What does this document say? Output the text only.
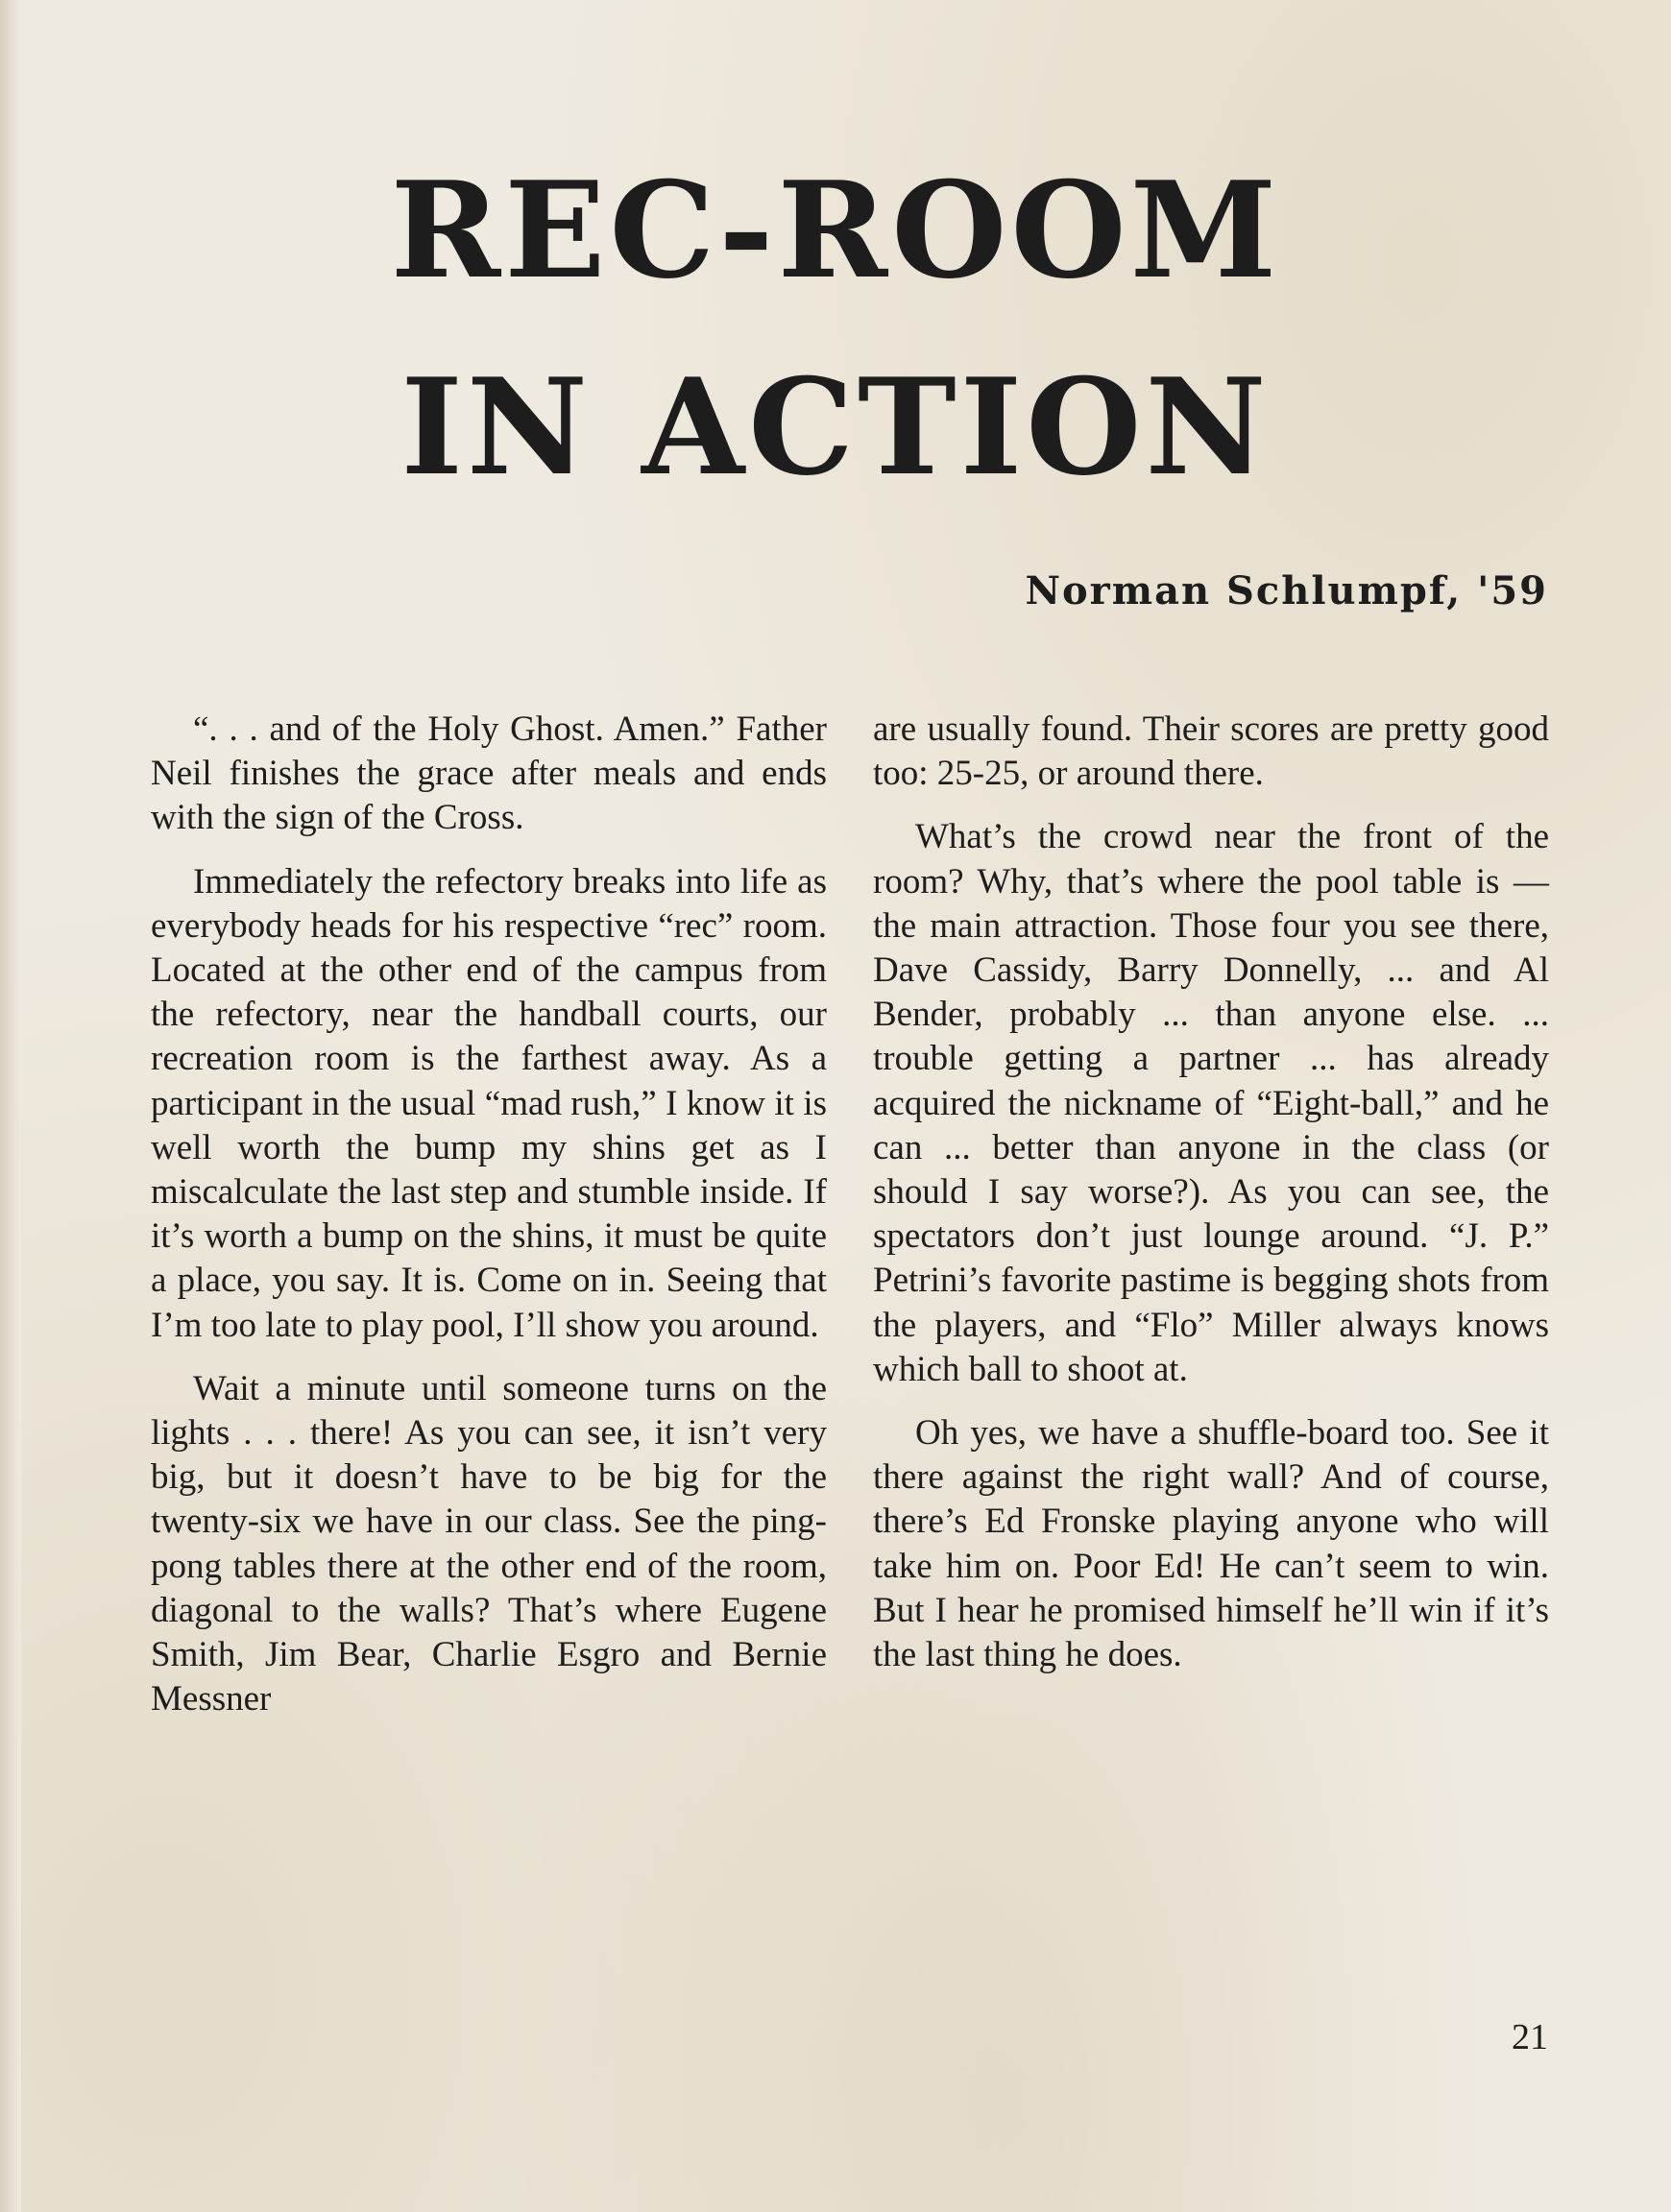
REC-ROOM
IN ACTION
Norman Schlumpf, '59

“. . . and of the Holy Ghost. Amen.” Father Neil finishes the grace after meals and ends with the sign of the Cross.

Immediately the refectory breaks into life as everybody heads for his respective “rec” room. Located at the other end of the campus from the refectory, near the handball courts, our recreation room is the farthest away. As a participant in the usual “mad rush,” I know it is well worth the bump my shins get as I miscalculate the last step and stumble inside. If it’s worth a bump on the shins, it must be quite a place, you say. It is. Come on in. Seeing that I’m too late to play pool, I’ll show you around.

Wait a minute until someone turns on the lights . . . there! As you can see, it isn’t very big, but it doesn’t have to be big for the twenty-six we have in our class. See the ping-pong tables there at the other end of the room, diagonal to the walls? That’s where Eugene Smith, Jim Bear, Charlie Esgro and Bernie Messner

are usually found. Their scores are pretty good too: 25-25, or around there.

What’s the crowd near the front of the room? Why, that’s where the pool table is — the main attraction. Those four you see there, Dave Cassidy, Barry Donnelly, ... and Al Bender, probably ... than anyone else. ... trouble getting a partner ... has already acquired the nickname of “Eight-ball,” and he can ... better than anyone in the class (or should I say worse?). As you can see, the spectators don’t just lounge around. “J. P.” Petrini’s favorite pastime is begging shots from the players, and “Flo” Miller always knows which ball to shoot at.

Oh yes, we have a shuffle-board too. See it there against the right wall? And of course, there’s Ed Fronske playing anyone who will take him on. Poor Ed! He can’t seem to win. But I hear he promised himself he’ll win if it’s the last thing he does.

21
